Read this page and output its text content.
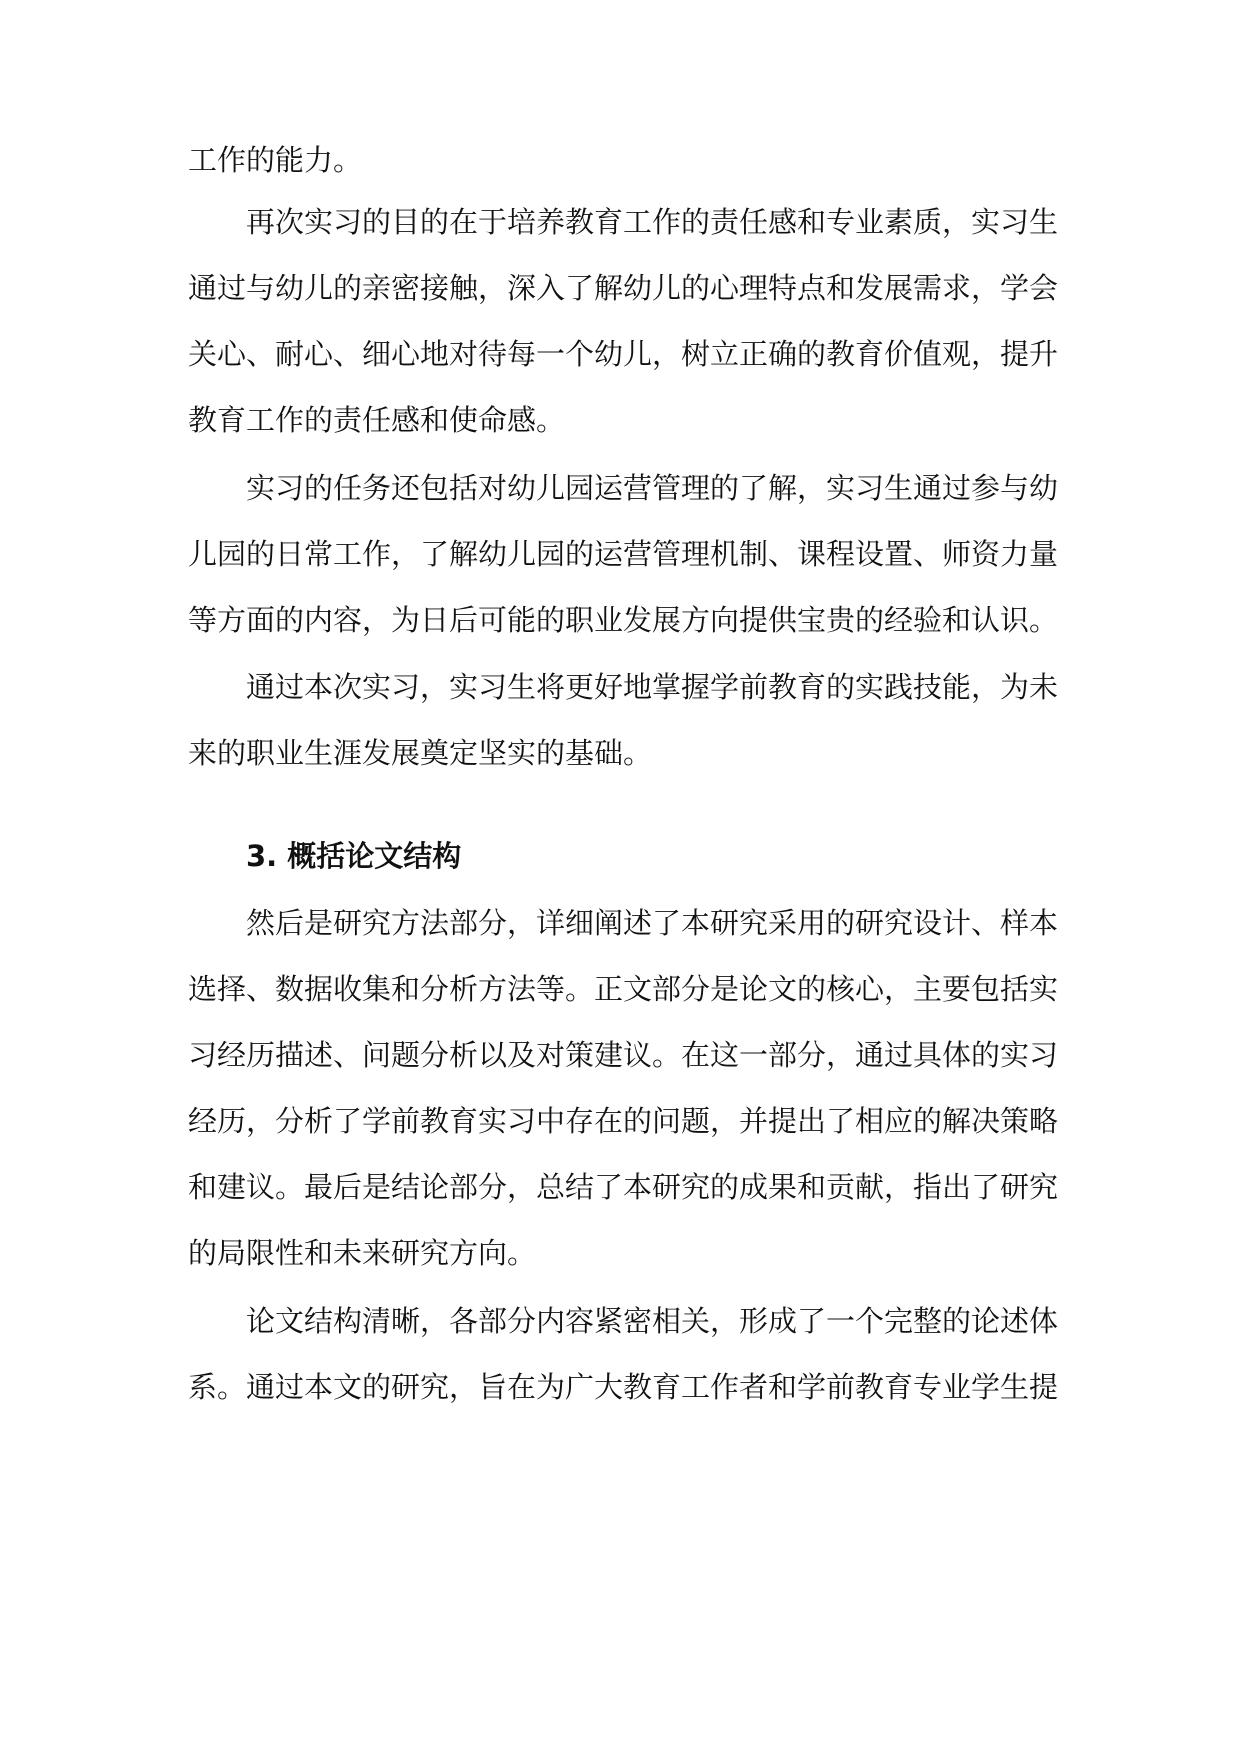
工作的能力。

再次实习的目的在于培养教育工作的责任感和专业素质，实习生

通过与幼儿的亲密接触，深入了解幼儿的心理特点和发展需求，学会

关心、耐心、细心地对待每一个幼儿，树立正确的教育价值观，提升

教育工作的责任感和使命感。

实习的任务还包括对幼儿园运营管理的了解，实习生通过参与幼

儿园的日常工作，了解幼儿园的运营管理机制、课程设置、师资力量

等方面的内容，为日后可能的职业发展方向提供宝贵的经验和认识。

通过本次实习，实习生将更好地掌握学前教育的实践技能，为未

来的职业生涯发展奠定坚实的基础。

3. 概括论文结构

然后是研究方法部分，详细阐述了本研究采用的研究设计、样本

选择、数据收集和分析方法等。正文部分是论文的核心，主要包括实

习经历描述、问题分析以及对策建议。在这一部分，通过具体的实习

经历，分析了学前教育实习中存在的问题，并提出了相应的解决策略

和建议。最后是结论部分，总结了本研究的成果和贡献，指出了研究

的局限性和未来研究方向。

论文结构清晰，各部分内容紧密相关，形成了一个完整的论述体

系。通过本文的研究，旨在为广大教育工作者和学前教育专业学生提
